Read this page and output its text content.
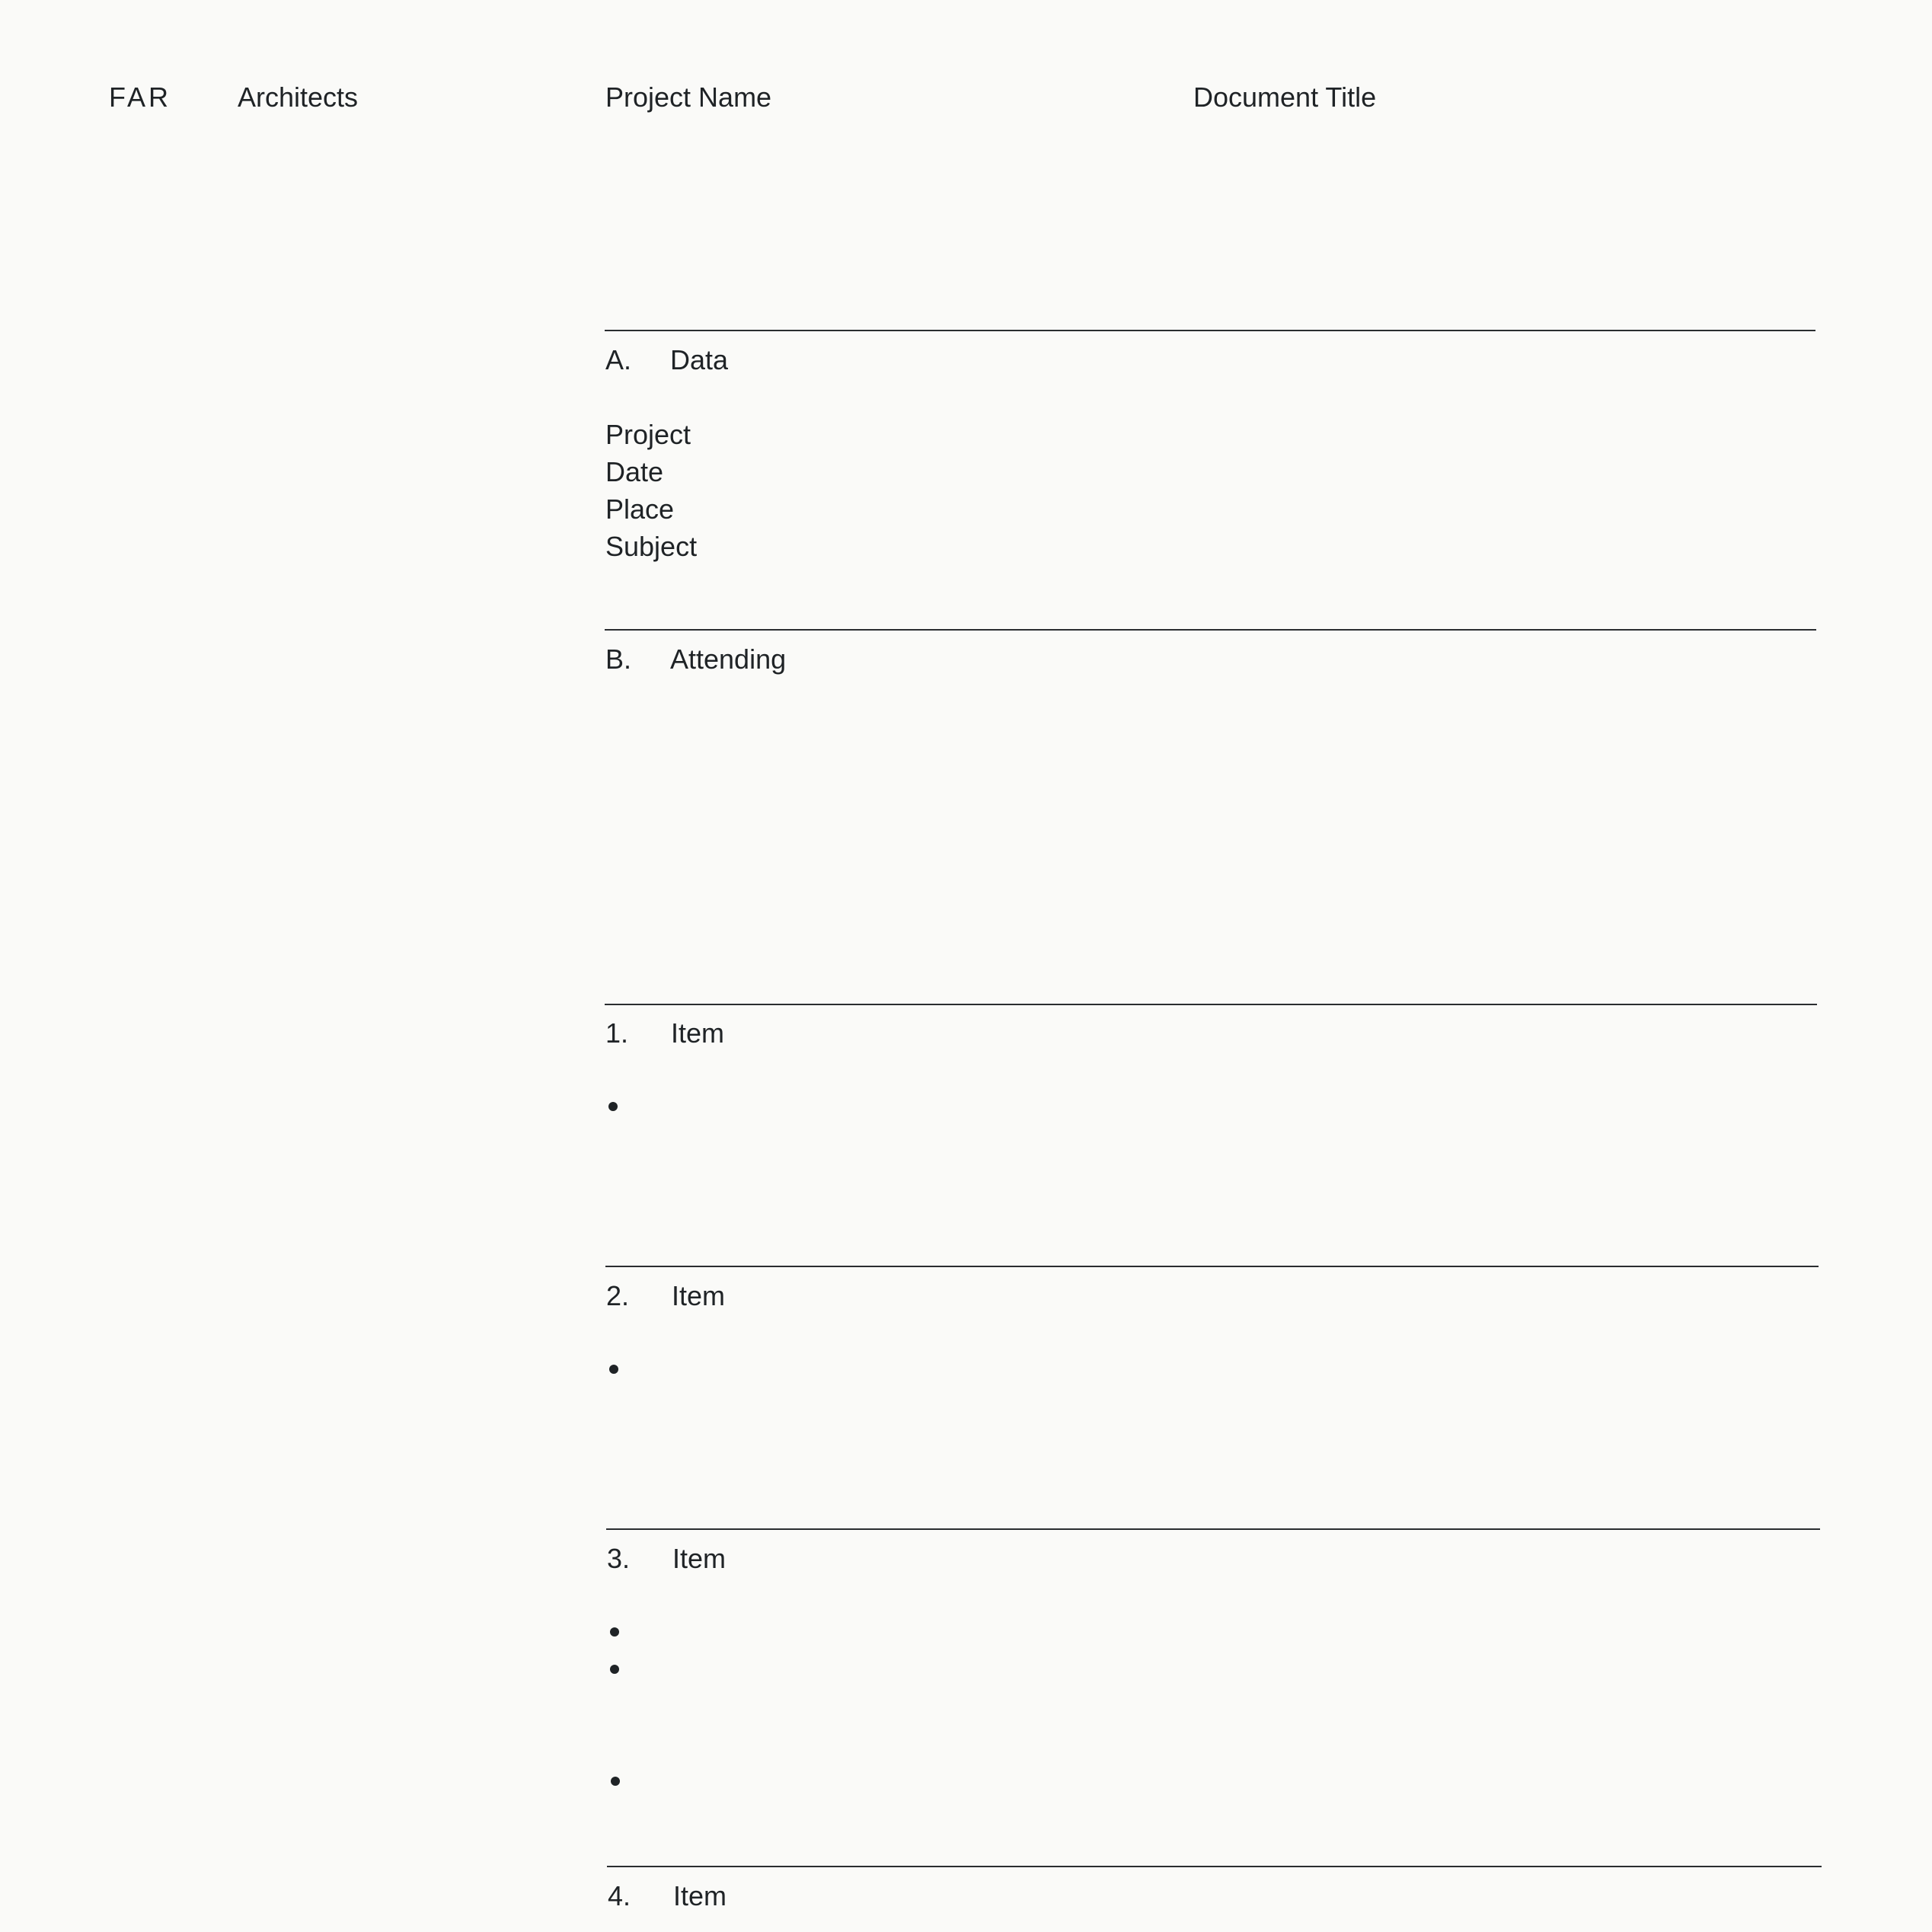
FAR Architects	Project Name	Document Title
A. Data
Project
Date
Place
Subject
B. Attending
1. Item
2. Item
3. Item
4. Item
